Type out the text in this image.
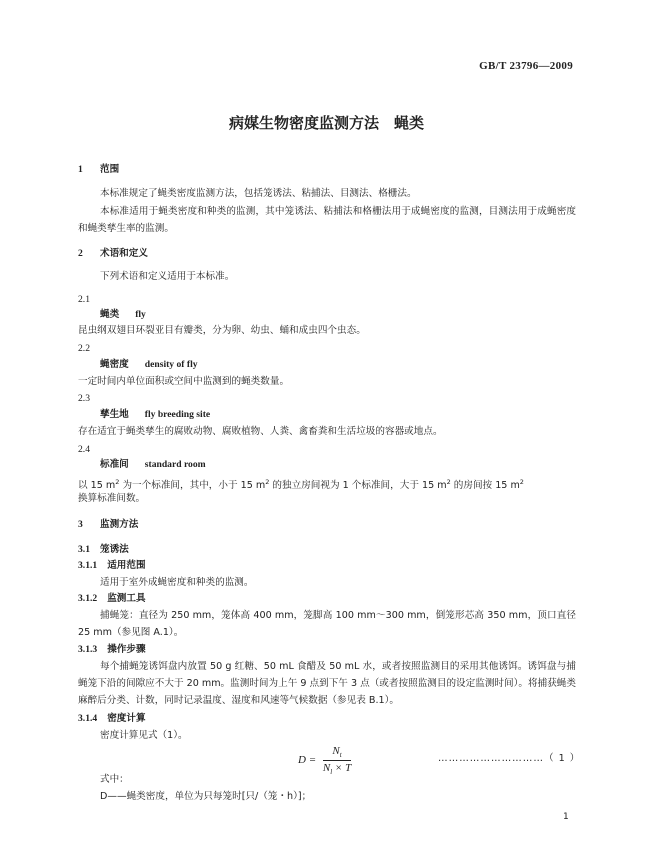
GB/T 23796—2009
病媒生物密度监测方法　蝇类
1 范围
本标准规定了蝇类密度监测方法，包括笼诱法、粘捕法、目测法、格栅法。
本标准适用于蝇类密度和种类的监测，其中笼诱法、粘捕法和格栅法用于成蝇密度的监测，目测法用于成蝇密度和蝇类孳生率的监测。
2 术语和定义
下列术语和定义适用于本标准。
2.1
蝇类 fly
昆虫纲双翅目环裂亚目有瓣类，分为卵、幼虫、蛹和成虫四个虫态。
2.2
蝇密度 density of fly
一定时间内单位面积或空间中监测到的蝇类数量。
2.3
孳生地 fly breeding site
存在适宜于蝇类孳生的腐败动物、腐败植物、人粪、禽畜粪和生活垃圾的容器或地点。
2.4
标准间 standard room
以 15 $m^2$ 为一个标准间，其中，小于 15 $m^2$ 的独立房间视为 1 个标准间，大于 15 $m^2$ 的房间按 15 $m^2$
换算标准间数。
3 监测方法
3.1 笼诱法
3.1.1 适用范围
适用于室外成蝇密度和种类的监测。
3.1.2 监测工具
捕蝇笼：直径为 250 mm，笼体高 400 mm，笼脚高 100 mm～300 mm，倒笼形芯高 350 mm，顶口直径 25 mm（参见图 A.1）。
3.1.3 操作步骤
每个捕蝇笼诱饵盘内放置 50 g 红糖、50 mL 食醋及 50 mL 水，或者按照监测目的采用其他诱饵。诱饵盘与捕蝇笼下沿的间隙应不大于 20 mm。监测时间为上午 9 点到下午 3 点（或者按照监测目的设定监测时间）。将捕获蝇类麻醉后分类、计数，同时记录温度、湿度和风速等气候数据（参见表 B.1）。
3.1.4 密度计算
密度计算见式（1）。
$D = \frac{N_t}{N_l \times T}$	…………………………（ 1 ）
式中：
D——蝇类密度，单位为只每笼时[只/（笼・h）]；
1
